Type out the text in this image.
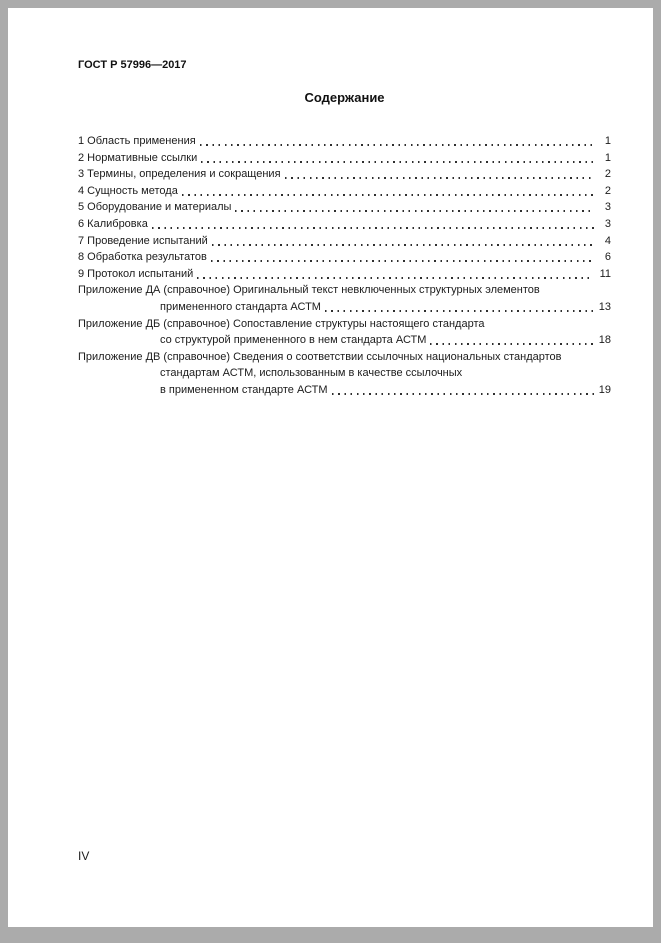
ГОСТ Р 57996—2017
Содержание
1 Область применения	1
2 Нормативные ссылки	1
3 Термины, определения и сокращения	2
4 Сущность метода	2
5 Оборудование и материалы	3
6 Калибровка	3
7 Проведение испытаний	4
8 Обработка результатов	6
9 Протокол испытаний	11
Приложение ДА (справочное) Оригинальный текст невключенных структурных элементов
примененного стандарта АСТМ	13
Приложение ДБ (справочное) Сопоставление структуры настоящего стандарта
со структурой примененного в нем стандарта АСТМ	18
Приложение ДВ (справочное) Сведения о соответствии ссылочных национальных стандартов
стандартам АСТМ, использованным в качестве ссылочных
в примененном стандарте АСТМ	19
IV
